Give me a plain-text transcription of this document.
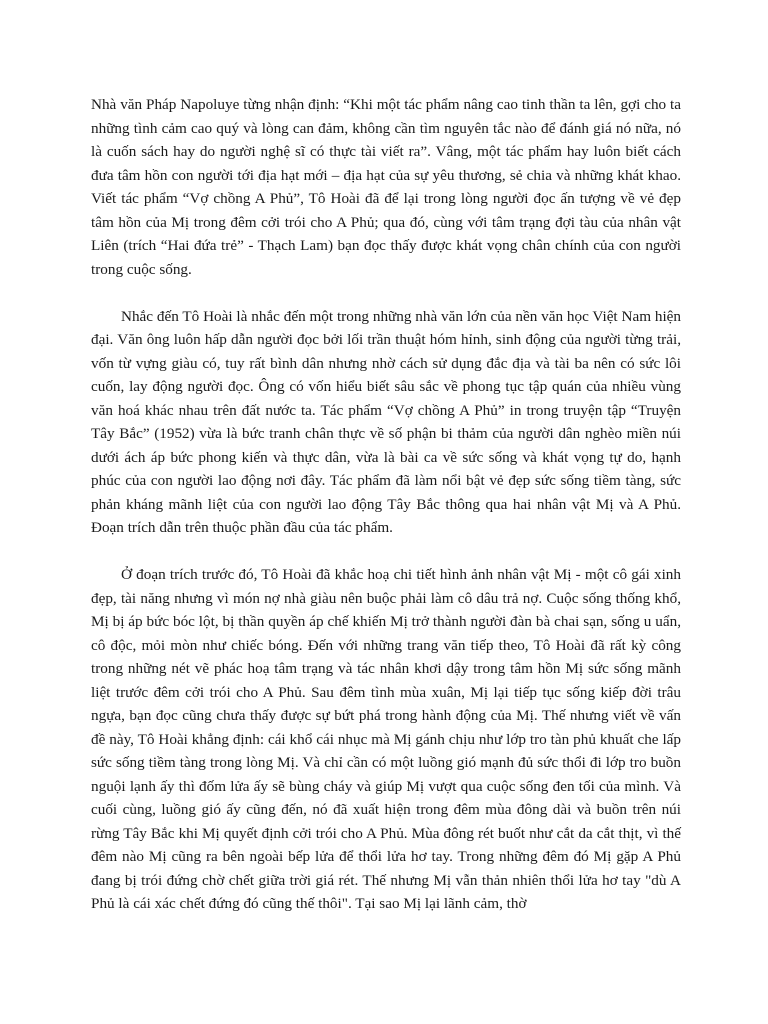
Nhà văn Pháp Napoluye từng nhận định: “Khi một tác phẩm nâng cao tinh thần ta lên, gợi cho ta những tình cảm cao quý và lòng can đảm, không cần tìm nguyên tắc nào để đánh giá nó nữa, nó là cuốn sách hay do người nghệ sĩ có thực tài viết ra”. Vâng, một tác phẩm hay luôn biết cách đưa tâm hồn con người tới địa hạt mới – địa hạt của sự yêu thương, sẻ chia và những khát khao. Viết tác phẩm “Vợ chồng A Phủ”, Tô Hoài đã để lại trong lòng người đọc ấn tượng về vẻ đẹp tâm hồn của Mị trong đêm cởi trói cho A Phủ; qua đó, cùng với tâm trạng đợi tàu của nhân vật Liên (trích “Hai đứa trẻ” - Thạch Lam) bạn đọc thấy được khát vọng chân chính của con người trong cuộc sống.

Nhắc đến Tô Hoài là nhắc đến một trong những nhà văn lớn của nền văn học Việt Nam hiện đại. Văn ông luôn hấp dẫn người đọc bởi lối trần thuật hóm hỉnh, sinh động của người từng trải, vốn từ vựng giàu có, tuy rất bình dân nhưng nhờ cách sử dụng đắc địa và tài ba nên có sức lôi cuốn, lay động người đọc. Ông có vốn hiểu biết sâu sắc về phong tục tập quán của nhiều vùng văn hoá khác nhau trên đất nước ta. Tác phẩm “Vợ chồng A Phủ” in trong truyện tập “Truyện Tây Bắc” (1952) vừa là bức tranh chân thực về số phận bi thảm của người dân nghèo miền núi dưới ách áp bức phong kiến và thực dân, vừa là bài ca về sức sống và khát vọng tự do, hạnh phúc của con người lao động nơi đây. Tác phẩm đã làm nổi bật vẻ đẹp sức sống tiềm tàng, sức phản kháng mãnh liệt của con người lao động Tây Bắc thông qua hai nhân vật Mị và A Phủ. Đoạn trích dẫn trên thuộc phần đầu của tác phẩm.

Ở đoạn trích trước đó, Tô Hoài đã khắc hoạ chi tiết hình ảnh nhân vật Mị - một cô gái xinh đẹp, tài năng nhưng vì món nợ nhà giàu nên buộc phải làm cô dâu trả nợ. Cuộc sống thống khổ, Mị bị áp bức bóc lột, bị thần quyền áp chế khiến Mị trở thành người đàn bà chai sạn, sống u uẩn, cô độc, mỏi mòn như chiếc bóng. Đến với những trang văn tiếp theo, Tô Hoài đã rất kỳ công trong những nét vẽ phác hoạ tâm trạng và tác nhân khơi dậy trong tâm hồn Mị sức sống mãnh liệt trước đêm cởi trói cho A Phủ. Sau đêm tình mùa xuân, Mị lại tiếp tục sống kiếp đời trâu ngựa, bạn đọc cũng chưa thấy được sự bứt phá trong hành động của Mị. Thế nhưng viết về vấn đề này, Tô Hoài khẳng định: cái khổ cái nhục mà Mị gánh chịu như lớp tro tàn phủ khuất che lấp sức sống tiềm tàng trong lòng Mị. Và chỉ cần có một luồng gió mạnh đủ sức thổi đi lớp tro buồn nguội lạnh ấy thì đốm lửa ấy sẽ bùng cháy và giúp Mị vượt qua cuộc sống đen tối của mình. Và cuối cùng, luồng gió ấy cũng đến, nó đã xuất hiện trong đêm mùa đông dài và buồn trên núi rừng Tây Bắc khi Mị quyết định cởi trói cho A Phủ. Mùa đông rét buốt như cắt da cắt thịt, vì thế đêm nào Mị cũng ra bên ngoài bếp lửa để thổi lửa hơ tay. Trong những đêm đó Mị gặp A Phủ đang bị trói đứng chờ chết giữa trời giá rét. Thế nhưng Mị vẫn thản nhiên thổi lửa hơ tay "dù A Phủ là cái xác chết đứng đó cũng thế thôi". Tại sao Mị lại lãnh cảm, thờ
